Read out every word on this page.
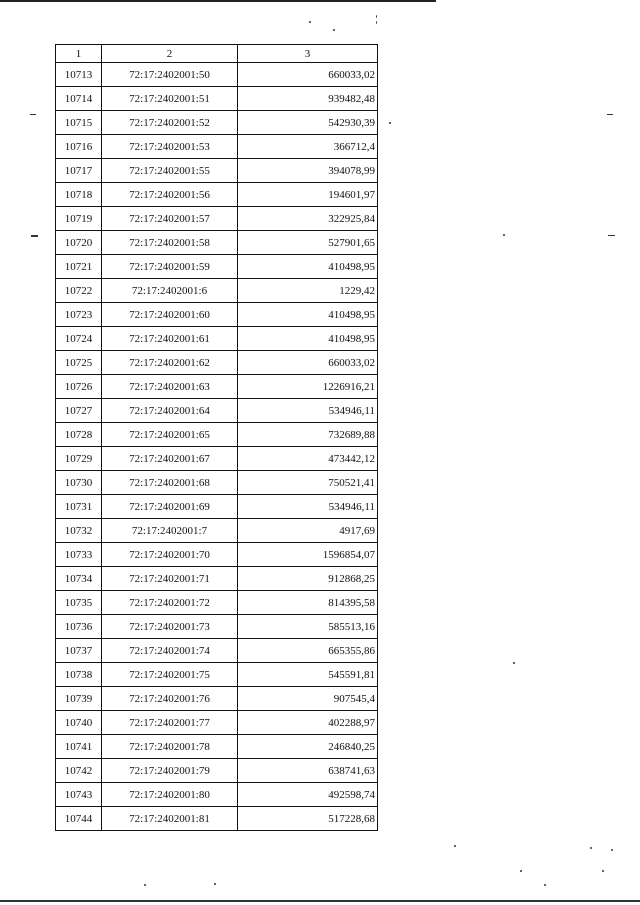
1	2	3
10713	72:17:2402001:50	660033,02
10714	72:17:2402001:51	939482,48
10715	72:17:2402001:52	542930,39
10716	72:17:2402001:53	366712,4
10717	72:17:2402001:55	394078,99
10718	72:17:2402001:56	194601,97
10719	72:17:2402001:57	322925,84
10720	72:17:2402001:58	527901,65
10721	72:17:2402001:59	410498,95
10722	72:17:2402001:6	1229,42
10723	72:17:2402001:60	410498,95
10724	72:17:2402001:61	410498,95
10725	72:17:2402001:62	660033,02
10726	72:17:2402001:63	1226916,21
10727	72:17:2402001:64	534946,11
10728	72:17:2402001:65	732689,88
10729	72:17:2402001:67	473442,12
10730	72:17:2402001:68	750521,41
10731	72:17:2402001:69	534946,11
10732	72:17:2402001:7	4917,69
10733	72:17:2402001:70	1596854,07
10734	72:17:2402001:71	912868,25
10735	72:17:2402001:72	814395,58
10736	72:17:2402001:73	585513,16
10737	72:17:2402001:74	665355,86
10738	72:17:2402001:75	545591,81
10739	72:17:2402001:76	907545,4
10740	72:17:2402001:77	402288,97
10741	72:17:2402001:78	246840,25
10742	72:17:2402001:79	638741,63
10743	72:17:2402001:80	492598,74
10744	72:17:2402001:81	517228,68
